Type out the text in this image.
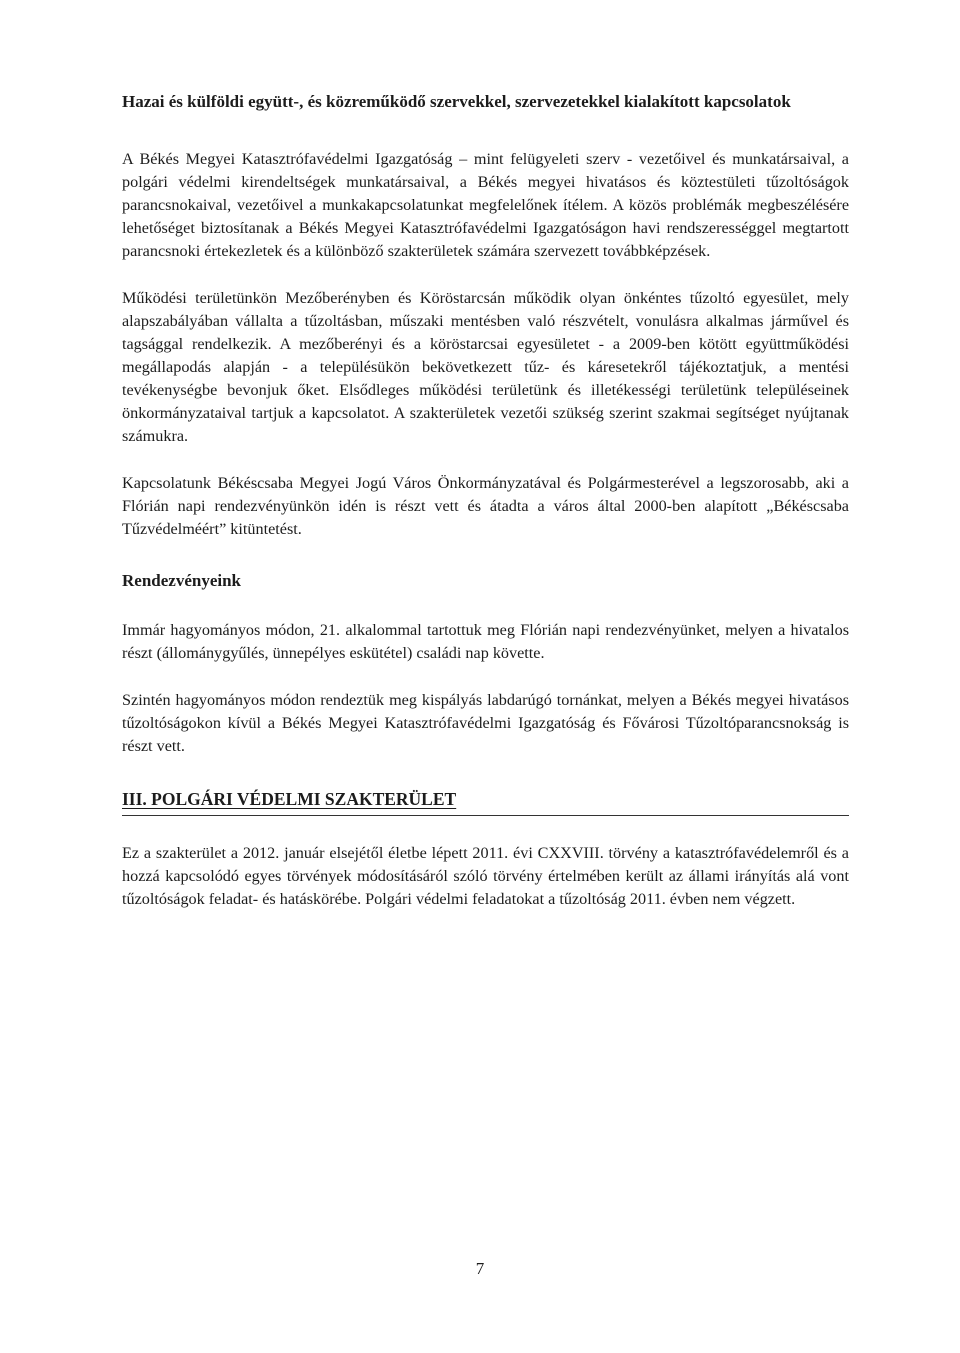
Hazai és külföldi együtt-, és közreműködő szervekkel, szervezetekkel kialakított kapcsolatok

A Békés Megyei Katasztrófavédelmi Igazgatóság – mint felügyeleti szerv - vezetőivel és munkatársaival, a polgári védelmi kirendeltségek munkatársaival, a Békés megyei hivatásos és köztestületi tűzoltóságok parancsnokaival, vezetőivel a munkakapcsolatunkat megfelelőnek ítélem. A közös problémák megbeszélésére lehetőséget biztosítanak a Békés Megyei Katasztrófavédelmi Igazgatóságon havi rendszerességgel megtartott parancsnoki értekezletek és a különböző szakterületek számára szervezett továbbképzések.

Működési területünkön Mezőberényben és Köröstarcsán működik olyan önkéntes tűzoltó egyesület, mely alapszabályában vállalta a tűzoltásban, műszaki mentésben való részvételt, vonulásra alkalmas járművel és tagsággal rendelkezik. A mezőberényi és a köröstarcsai egyesületet - a 2009-ben kötött együttműködési megállapodás alapján - a településükön bekövetkezett tűz- és káresetekről tájékoztatjuk, a mentési tevékenységbe bevonjuk őket. Elsődleges működési területünk és illetékességi területünk településeinek önkormányzataival tartjuk a kapcsolatot. A szakterületek vezetői szükség szerint szakmai segítséget nyújtanak számukra.

Kapcsolatunk Békéscsaba Megyei Jogú Város Önkormányzatával és Polgármesterével a legszorosabb, aki a Flórián napi rendezvényünkön idén is részt vett és átadta a város által 2000-ben alapított „Békéscsaba Tűzvédelméért” kitüntetést.

Rendezvényeink

Immár hagyományos módon, 21. alkalommal tartottuk meg Flórián napi rendezvényünket, melyen a hivatalos részt (állománygyűlés, ünnepélyes eskütétel) családi nap követte.

Szintén hagyományos módon rendeztük meg kispályás labdarúgó tornánkat, melyen a Békés megyei hivatásos tűzoltóságokon kívül a Békés Megyei Katasztrófavédelmi Igazgatóság és Fővárosi Tűzoltóparancsnokság is részt vett.

III. POLGÁRI VÉDELMI SZAKTERÜLET

Ez a szakterület a 2012. január elsejétől életbe lépett 2011. évi CXXVIII. törvény a katasztrófavédelemről és a hozzá kapcsolódó egyes törvények módosításáról szóló törvény értelmében került az állami irányítás alá vont tűzoltóságok feladat- és hatáskörébe. Polgári védelmi feladatokat a tűzoltóság 2011. évben nem végzett.

7
